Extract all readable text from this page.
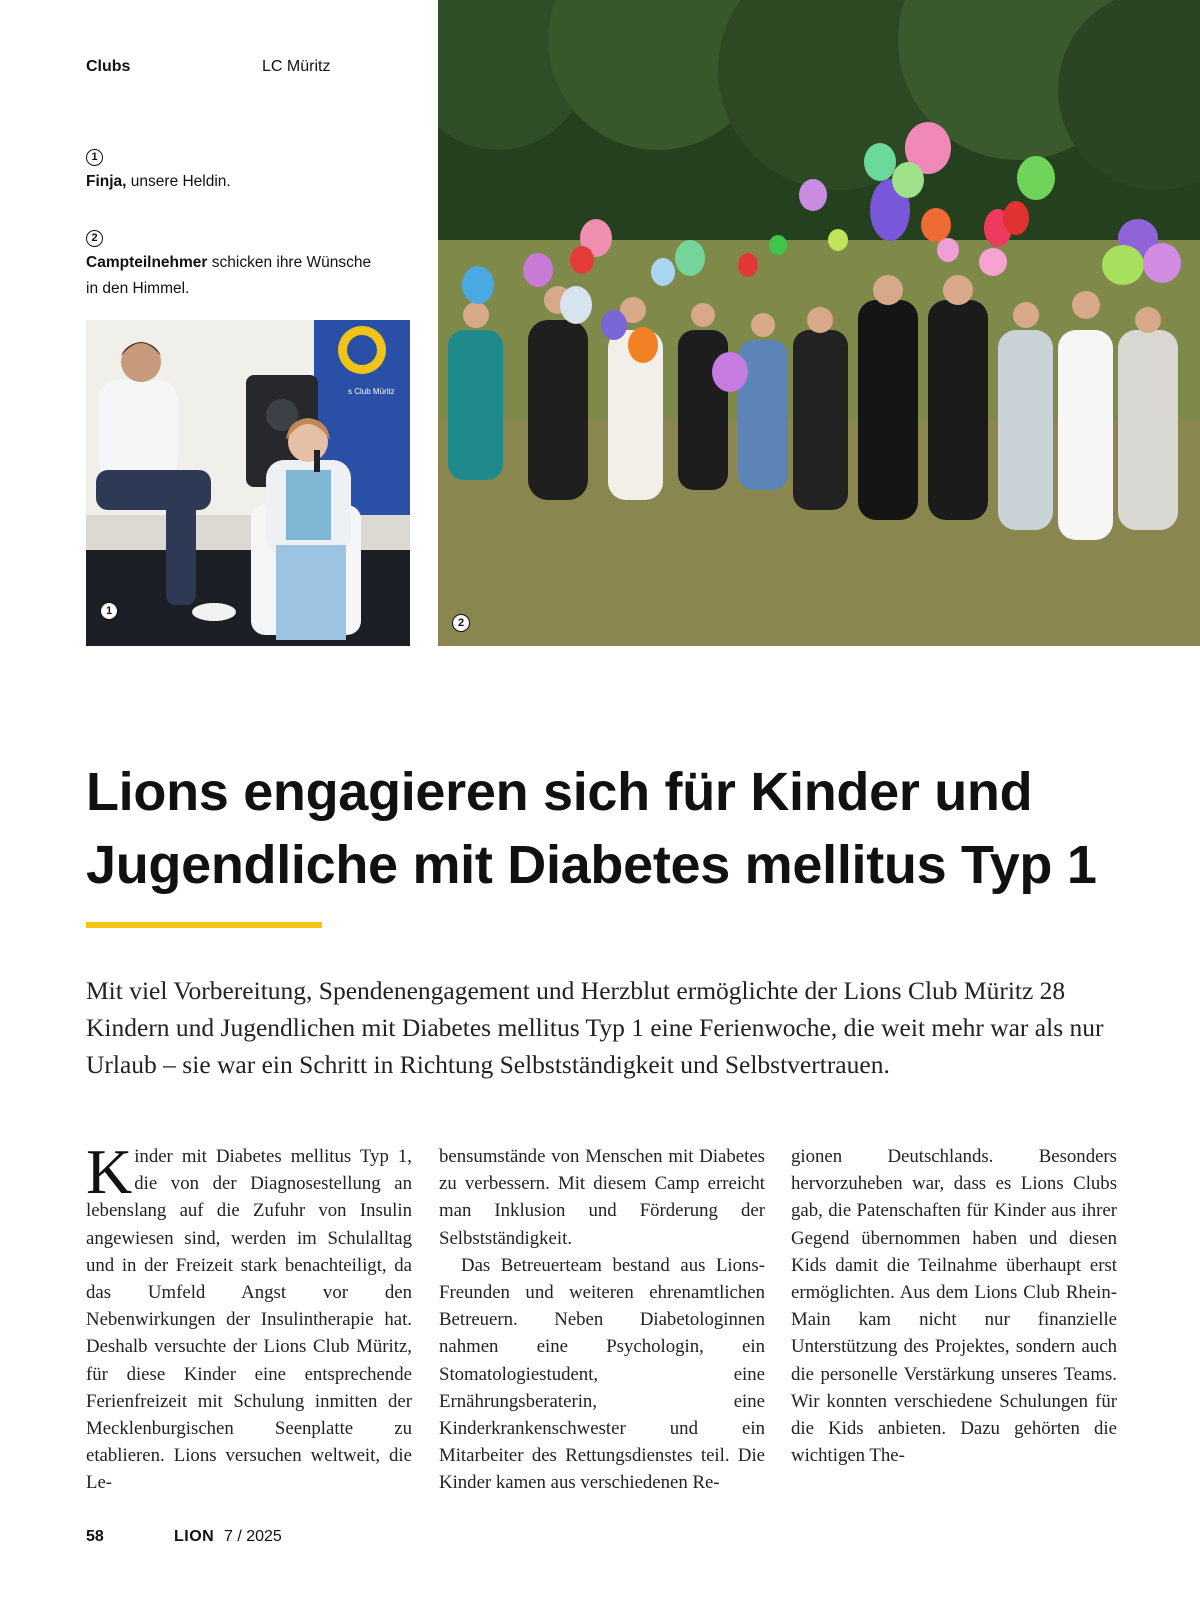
Clubs	LC Müritz
1
Finja, unsere Heldin.
2
Campteilnehmer schicken ihre Wünsche in den Himmel.
s Club Müritz
1
2
Lions engagieren sich für Kinder und Jugendliche mit Diabetes mellitus Typ 1

Mit viel Vorbereitung, Spendenengagement und Herzblut ermöglichte der Lions Club Müritz 28 Kindern und Jugendlichen mit Diabetes mellitus Typ 1 eine Ferienwoche, die weit mehr war als nur Urlaub – sie war ein Schritt in Richtung Selbstständigkeit und Selbstvertrauen.

Kinder mit Diabetes mellitus Typ 1, die von der Diagnosestellung an lebenslang auf die Zufuhr von Insulin angewiesen sind, werden im Schulalltag und in der Freizeit stark benachteiligt, da das Umfeld Angst vor den Nebenwirkungen der Insulintherapie hat. Deshalb versuchte der Lions Club Müritz, für diese Kinder eine entsprechende Ferienfreizeit mit Schulung inmitten der Mecklenburgischen Seenplatte zu etablieren. Lions versuchen weltweit, die Le-

bensumstände von Menschen mit Diabetes zu verbessern. Mit diesem Camp erreicht man Inklusion und Förderung der Selbstständigkeit.
Das Betreuerteam bestand aus Lions-Freunden und weiteren ehrenamtlichen Betreuern. Neben Diabetologinnen nahmen eine Psychologin, ein Stomatologiestudent, eine Ernährungsberaterin, eine Kinderkrankenschwester und ein Mitarbeiter des Rettungsdienstes teil. Die Kinder kamen aus verschiedenen Re-

gionen Deutschlands. Besonders hervorzuheben war, dass es Lions Clubs gab, die Patenschaften für Kinder aus ihrer Gegend übernommen haben und diesen Kids damit die Teilnahme überhaupt erst ermöglichten. Aus dem Lions Club Rhein-Main kam nicht nur finanzielle Unterstützung des Projektes, sondern auch die personelle Verstärkung unseres Teams. Wir konnten verschiedene Schulungen für die Kids anbieten. Dazu gehörten die wichtigen The-

58	LION 7 / 2025
